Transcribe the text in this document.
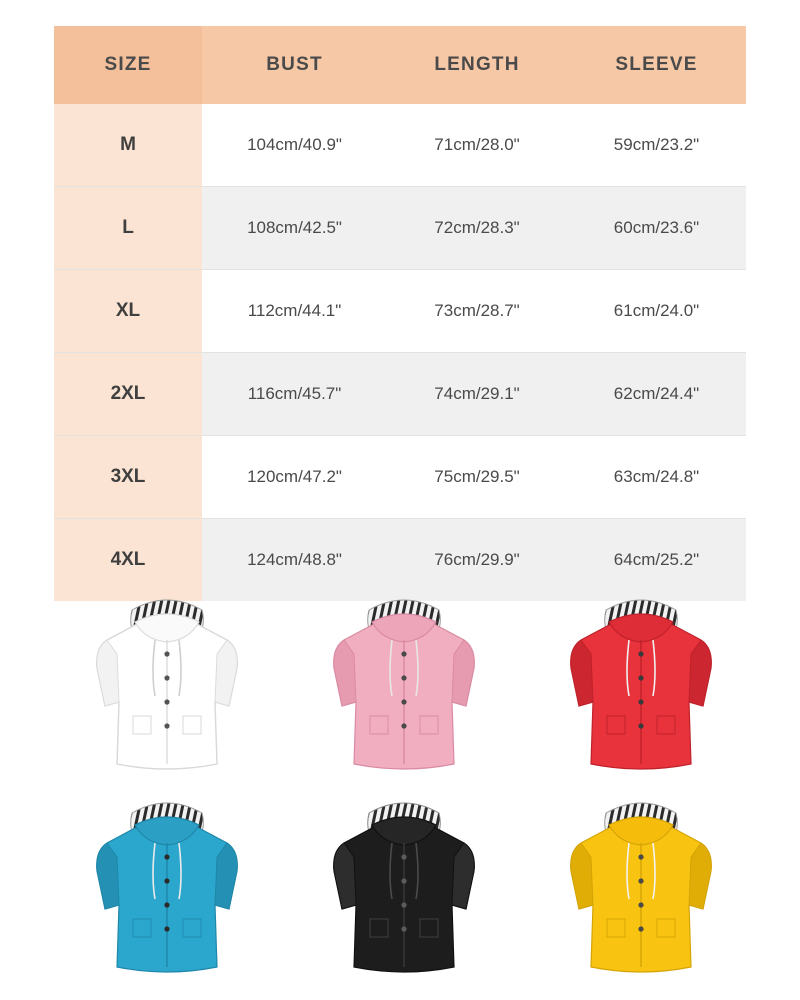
SIZE	BUST	LENGTH	SLEEVE
M	104cm/40.9"	71cm/28.0"	59cm/23.2"
L	108cm/42.5"	72cm/28.3"	60cm/23.6"
XL	112cm/44.1"	73cm/28.7"	61cm/24.0"
2XL	116cm/45.7"	74cm/29.1"	62cm/24.4"
3XL	120cm/47.2"	75cm/29.5"	63cm/24.8"
4XL	124cm/48.8"	76cm/29.9"	64cm/25.2"
